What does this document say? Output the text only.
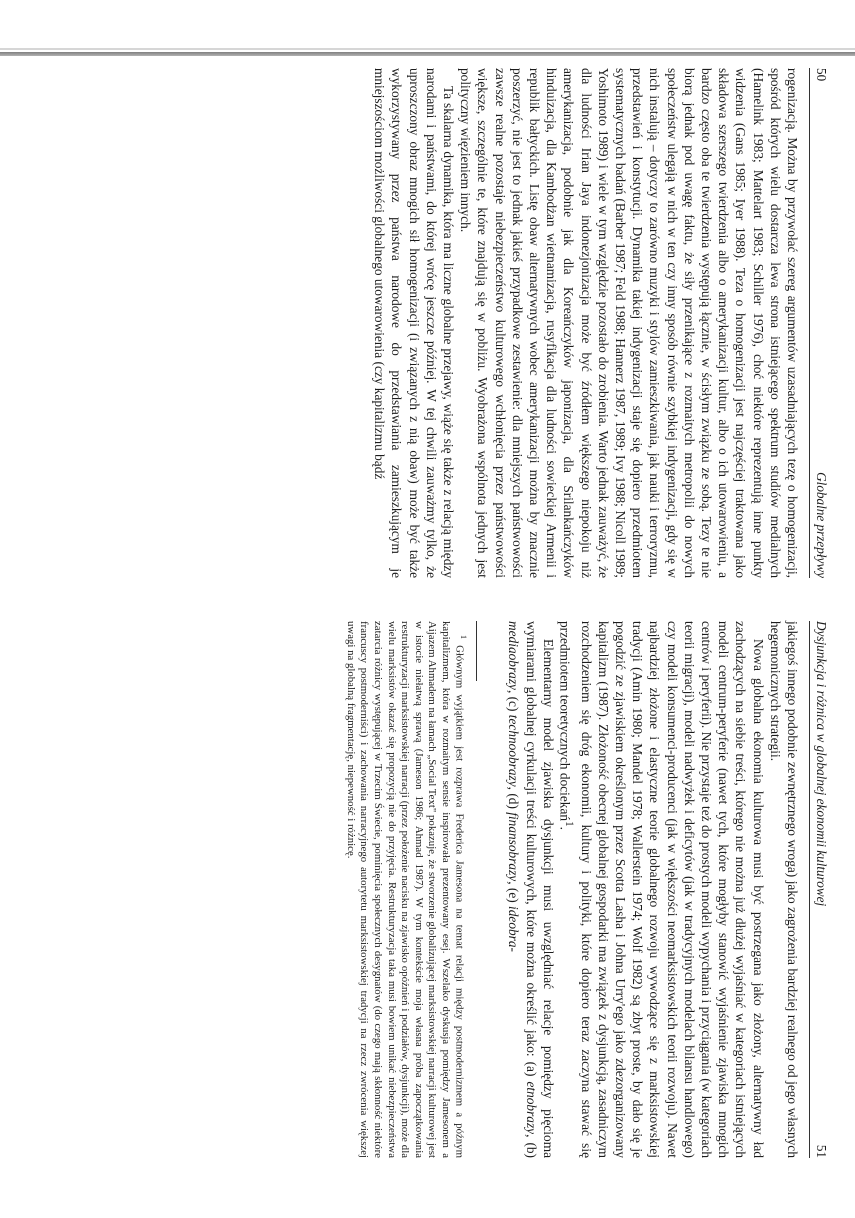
50
Globalne przepływy

rogenizacją. Można by przywołać szereg argumentów uzasadniających tezę o homogenizacji, spośród których wielu dostarcza lewa strona istniejącego spektrum studiów medialnych (Hamelink 1983; Mattelart 1983; Schiller 1976), choć niektóre reprezentują inne punkty widzenia (Gans 1985; Iyer 1988). Teza o homogenizacji jest najczęściej traktowana jako składowa szerszego twierdzenia albo o amerykanizacji kultur, albo o ich utowarowieniu, a bardzo często oba te twierdzenia występują łącznie, w ścisłym związku ze sobą. Tezy te nie biorą jednak pod uwagę faktu, że siły przenikające z rozmaitych metropolii do nowych społeczeństw ulegają w nich w ten czy inny sposób równie szybkiej indygenizacji, gdy się w nich instalują – dotyczy to zarówno muzyki i stylów zamieszkiwania, jak nauki i terroryzmu, przedstawień i konstytucji. Dynamika takiej indygenizacji staje się dopiero przedmiotem systematycznych badań (Barber 1987; Feld 1988; Hannerz 1987, 1989; Ivy 1988; Nicoll 1989; Yoshimoto 1989) i wiele w tym względzie pozostało do zrobienia. Warto jednak zauważyć, że dla ludności Irian Jaya indonezjonizacja może być źródłem większego niepokoju niż amerykanizacja, podobnie jak dla Koreańczyków japonizacja, dla Srilankańczyków hinduizacja, dla Kambodżan wietnamizacja, rusyfikacja dla ludności sowieckiej Armenii i republik bałtyckich. Listę obaw alternatywnych wobec amerykanizacji można by znacznie poszerzyć, nie jest to jednak jakieś przypadkowe zestawienie: dla mniejszych państwowości zawsze realne pozostaje niebezpieczeństwo kulturowego wchłonięcia przez państwowości większe, szczególnie te, które znajdują się w pobliżu. Wyobrażona wspólnota jednych jest polityczny więzieniem innych.

Ta skalarna dynamika, która ma liczne globalne przejawy, wiąże się także z relacją między narodami i państwami, do której wrócę jeszcze później. W tej chwili zauważmy tylko, że uproszczony obraz mnogich sił homogenizacji (i związanych z nią obaw) może być także wykorzystywany przez państwa narodowe do przedstawiania zamieszkującym je mniejszościom możliwości globalnego utowarowienia (czy kapitalizmu bądź

Dysjunkcja i różnica w globalnej ekonomii kulturowej
51

jakiegoś innego podobnie zewnętrznego wroga) jako zagrożenia bardziej realnego od jego własnych hegemonicznych strategii.

Nowa globalna ekonomia kulturowa musi być postrzegana jako złożony, alternatywny ład zachodzących na siebie treści, którego nie można już dłużej wyjaśniać w kategoriach istniejących modeli centrum-peryferie (nawet tych, które mogłyby stanowić wyjaśnienie zjawiska mnogich centrów i peryferii). Nie przystaje też do prostych modeli wypychania i przyciągania (w kategoriach teorii migracji), modeli nadwyżek i deficytów (jak w tradycyjnych modelach bilansu handlowego) czy modeli konsumenci-producenci (jak w większości neomarksistowskich teorii rozwoju). Nawet najbardziej złożone i elastyczne teorie globalnego rozwoju wywodzące się z marksistowskiej tradycji (Amin 1980; Mandel 1978; Wallerstein 1974; Wolf 1982) są zbyt proste, by dało się je pogodzić ze zjawiskiem określonym przez Scotta Lasha i Johna Urry'ego jako zdezorganizowany kapitalizm (1987). Złożoność obecnej globalnej gospodarki ma związek z dysjunkcją, zasadniczym rozchodzeniem się dróg ekonomii, kultury i polityki, które dopiero teraz zaczyna stawać się przedmiotem teoretycznych dociekań$^1$.

Elementarny model zjawiska dysjunkcji musi uwzględniać relacje pomiędzy pięcioma wymiarami globalnej cyrkulacji treści kulturowych, które można określić jako: (a) etnobrazy, (b) mediaobrazy, (c) technoobrazy, (d) finansobrazy, (e) ideobra-

$^1$ Głównym wyjątkiem jest rozprawa Frederica Jamesona na temat relacji między postmodernizmem a późnym kapitalizmem, która w rozmaitym sensie inspirowała prezentowany esej. Wszelako dyskusja pomiędzy Jamesonem a Aijazem Ahmadem na łamach „Social Text" pokazuje, że stworzenie globalizującej marksistowskiej narracji kulturowej jest w istocie niełatwą sprawą (Jameson 1986; Ahmad 1987). W tym kontekście moja własna próba zapoczątkowania restrukturyzacji marksistowskiej narracji (przez położenie nacisku na zjawisko opóźnień i podziałów, dysjunkcji), może dla wielu marksistów okazać się propozycją nie do przyjęcia. Restrukturyzacja taka musi bowiem unikać niebezpieczeństwa zatarcia różnicy występującej w Trzecim Świecie, pominięcia społecznych desygnatów (do czego mają skłonność niektóre francuscy postmoderniści) i zachowania narracyjnego autorytetu marksistowskiej tradycji na rzecz zwrócenia większej uwagi na globalną fragmentację, niepewność i różnicę.
